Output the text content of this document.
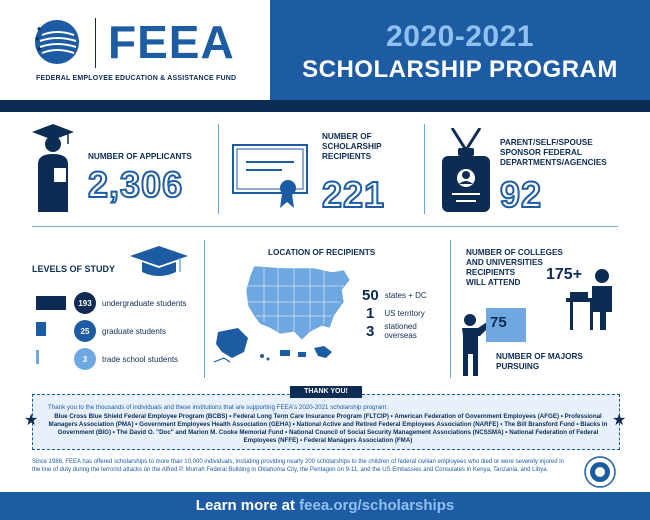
★
★
★ FEEA
FEDERAL EMPLOYEE EDUCATION & ASSISTANCE FUND
2020-2021
SCHOLARSHIP PROGRAM
NUMBER OF APPLICANTS
2,306
NUMBER OF
SCHOLARSHIP
RECIPIENTS
221
PARENT/SELF/SPOUSE
SPONSOR FEDERAL
DEPARTMENTS/AGENCIES
92
LEVELS OF STUDY
193	undergraduate students
25	graduate students
3	trade school students
LOCATION OF RECIPIENTS
50 states + DC
1 US territory
3 stationed
overseas
NUMBER OF COLLEGES
AND UNIVERSITIES
RECIPIENTS
WILL ATTEND 175+
75
NUMBER OF MAJORS
PURSUING
THANK YOU!
★	★
Thank you to the thousands of individuals and these institutions that are supporting FEEA's 2020-2021 scholarship program:
Blue Cross Blue Shield Federal Employee Program (BCBS) • Federal Long Term Care Insurance Program (FLTCIP) • American Federation of Government Employees (AFGE) • Professional Managers Association (PMA) • Government Employees Health Association (GEHA) • National Active and Retired Federal Employees Association (NARFE) • The Bill Bransford Fund • Blacks In Government (BIG) • The David O. "Doc" and Marion M. Cooke Memorial Fund • National Council of Social Security Management Associations (NCSSMA) • National Federation of Federal Employees (NFFE) • Federal Managers Association (FMA)
Since 1986, FEEA has offered scholarships to more than 10,000 individuals, including providing nearly 200 scholarships to the children of federal civilian employees who died or were severely injured in the line of duty during the terrorist attacks on the Alfred P. Murrah Federal Building in Oklahoma City, the Pentagon on 9-11, and the US Embassies and Consulates in Kenya, Tanzania, and Libya.
Learn more at feea.org/scholarships
